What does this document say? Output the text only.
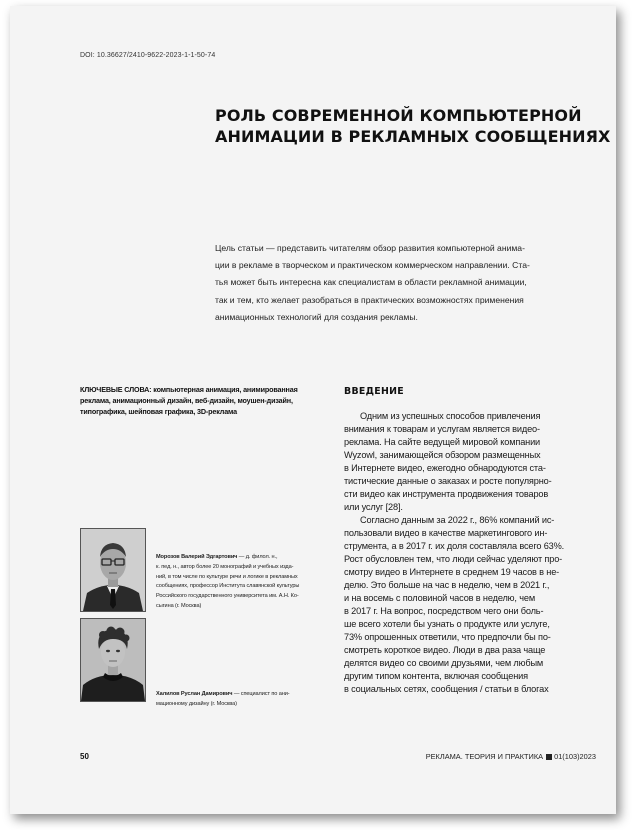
DOI: 10.36627/2410-9622-2023-1-1-50-74
РОЛЬ СОВРЕМЕННОЙ КОМПЬЮТЕРНОЙ
АНИМАЦИИ В РЕКЛАМНЫХ СООБЩЕНИЯХ
Цель статьи — представить читателям обзор развития компьютерной анима-
ции в рекламе в творческом и практическом коммерческом направлении. Ста-
тья может быть интересна как специалистам в области рекламной анимации,
так и тем, кто желает разобраться в практических возможностях применения
анимационных технологий для создания рекламы.
КЛЮЧЕВЫЕ СЛОВА: компьютерная анимация, анимированная
реклама, анимационный дизайн, веб-дизайн, моушен-дизайн,
типографика, шейповая графика, 3D-реклама
ВВЕДЕНИЕ
Одним из успешных способов привлечения
внимания к товарам и услугам является видео-
реклама. На сайте ведущей мировой компании
Wyzowl, занимающейся обзором размещенных
в Интернете видео, ежегодно обнародуются ста-
тистические данные о заказах и росте популярно-
сти видео как инструмента продвижения товаров
или услуг [28].
Согласно данным за 2022 г., 86% компаний ис-
пользовали видео в качестве маркетингового ин-
струмента, а в 2017 г. их доля составляла всего 63%.
Рост обусловлен тем, что люди сейчас уделяют про-
смотру видео в Интернете в среднем 19 часов в не-
делю. Это больше на час в неделю, чем в 2021 г.,
и на восемь с половиной часов в неделю, чем
в 2017 г. На вопрос, посредством чего они боль-
ше всего хотели бы узнать о продукте или услуге,
73% опрошенных ответили, что предпочли бы по-
смотреть короткое видео. Люди в два раза чаще
делятся видео со своими друзьями, чем любым
другим типом контента, включая сообщения
в социальных сетях, сообщения / статьи в блогах
Морозов Валерий Эдгартович — д. филол. н.,
к. пед. н., автор более 20 монографий и учебных изда-
ний, в том числе по культуре речи и логике в рекламных
сообщениях, профессор Института славянской культуры
Российского государственного университета им. А.Н. Ко-
сыгина (г. Москва)
Халилов Руслан Дамирович — специалист по ани-
мационному дизайну (г. Москва)
50	РЕКЛАМА. ТЕОРИЯ И ПРАКТИКА 01(103)2023
